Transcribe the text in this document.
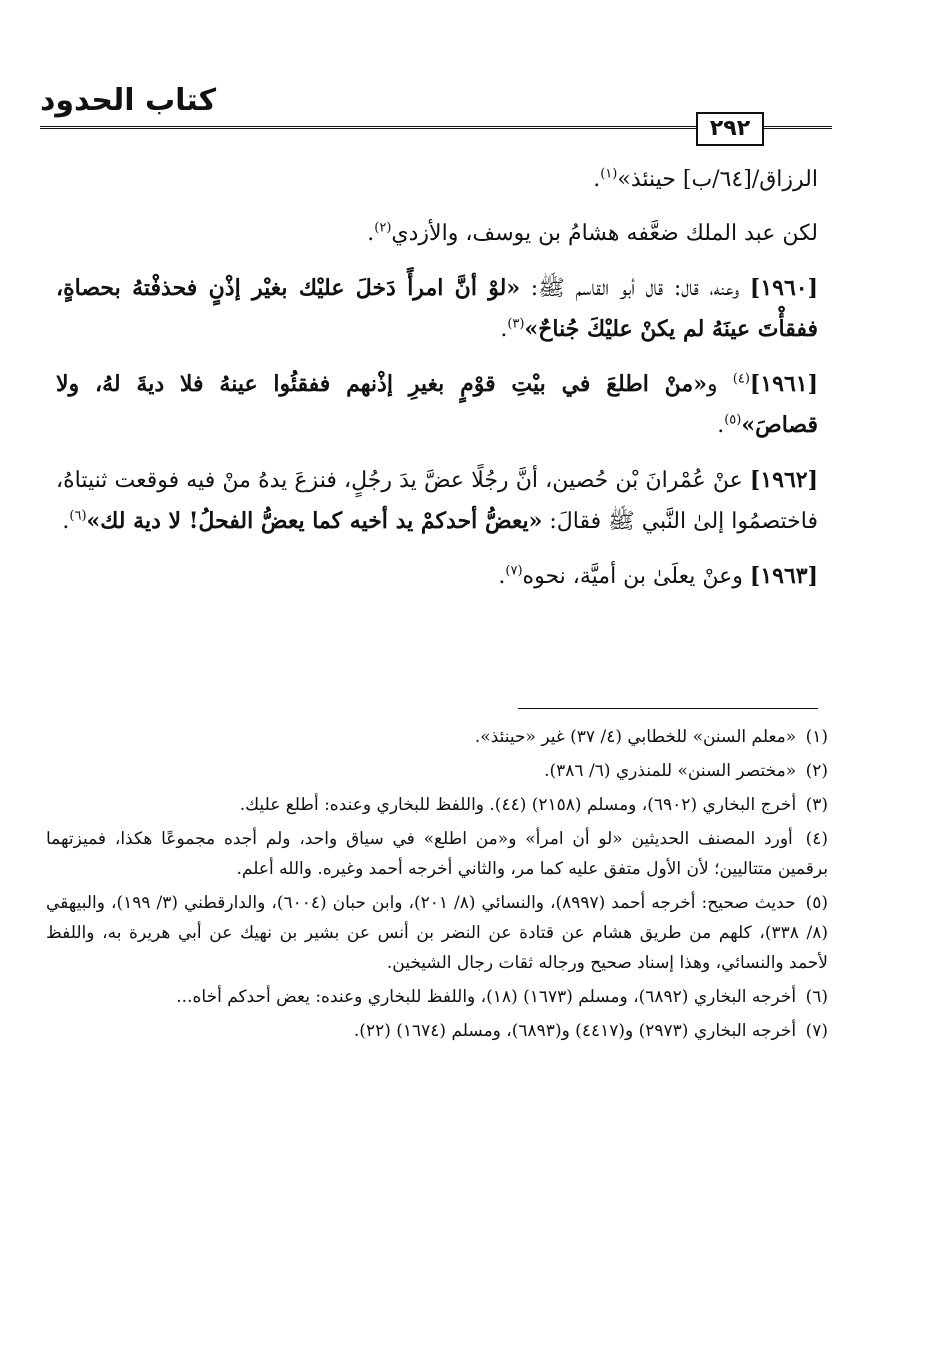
كتاب الحدود
٢٩٢

الرزاق/[٦٤/ب] حينئذ»$^{(١)}$.

لكن عبد الملك ضعَّفه هشامُ بن يوسف، والأزدي$^{(٢)}$.

[١٩٦٠] وعنه، قال: قال أبو القاسم ﷺ: «لوْ أنَّ امرأً دَخلَ عليْك بغيْر إذْنٍ فحذفْتهُ بحصاةٍ، ففقأْتَ عينَهُ لم يكنْ عليْكَ جُناحٌ»$^{(٣)}$.

[١٩٦١]$^{(٤)}$ و«منْ اطلعَ في بيْتِ قوْمٍ بغيرِ إذْنهم ففقئُوا عينهُ فلا ديةَ لهُ، ولا قصاصَ»$^{(٥)}$.

[١٩٦٢] عنْ عُمْرانَ بْن حُصين، أنَّ رجُلًا عضَّ يدَ رجُلٍ، فنزعَ يدهُ منْ فيه فوقعت ثنيتاهُ، فاختصمُوا إلىٰ النَّبي ﷺ فقالَ: «يعضُّ أحدكمْ يد أخيه كما يعضُّ الفحلُ! لا دية لك»$^{(٦)}$.

[١٩٦٣] وعنْ يعلَىٰ بن أميَّة، نحوه$^{(٧)}$.

(١) «معلم السنن» للخطابي (٤/ ٣٧) غير «حينئذ».

(٢) «مختصر السنن» للمنذري (٦/ ٣٨٦).

(٣) أخرج البخاري (٦٩٠٢)، ومسلم (٢١٥٨) (٤٤). واللفظ للبخاري وعنده: أطلع عليك.

(٤) أورد المصنف الحديثين «لو أن امرأ» و«من اطلع» في سياق واحد، ولم أجده مجموعًا هكذا، فميزتهما برقمين متتاليين؛ لأن الأول متفق عليه كما مر، والثاني أخرجه أحمد وغيره. والله أعلم.

(٥) حديث صحيح: أخرجه أحمد (٨٩٩٧)، والنسائي (٨/ ٢٠١)، وابن حبان (٦٠٠٤)، والدارقطني (٣/ ١٩٩)، والبيهقي (٨/ ٣٣٨)، كلهم من طريق هشام عن قتادة عن النضر بن أنس عن بشير بن نهيك عن أبي هريرة به، واللفظ لأحمد والنسائي، وهذا إسناد صحيح ورجاله ثقات رجال الشيخين.

(٦) أخرجه البخاري (٦٨٩٢)، ومسلم (١٦٧٣) (١٨)، واللفظ للبخاري وعنده: يعض أحدكم أخاه...

(٧) أخرجه البخاري (٢٩٧٣) و(٤٤١٧) و(٦٨٩٣)، ومسلم (١٦٧٤) (٢٢).
